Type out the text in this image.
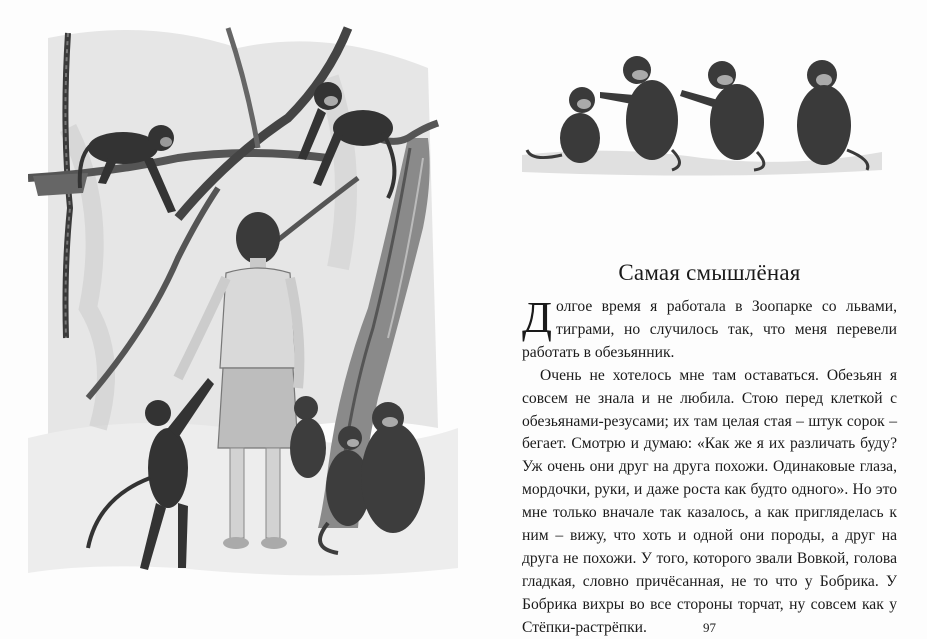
Самая смышлёная

Долгое время я работала в Зоопарке со львами, тиграми, но случилось так, что меня перевели работать в обезьянник.

Очень не хотелось мне там оставаться. Обезьян я совсем не знала и не любила. Стою перед клеткой с обезьянами-резусами; их там целая стая – штук сорок – бегает. Смотрю и думаю: «Как же я их различать буду? Уж очень они друг на друга похожи. Одинаковые глаза, мордочки, руки, и даже роста как будто одного». Но это мне только вначале так казалось, а как пригляделась к ним – вижу, что хоть и одной они породы, а друг на друга не похожи. У того, которого звали Вовкой, голова гладкая, словно причёсанная, не то что у Бобрика. У Бобрика вихры во все стороны торчат, ну совсем как у Стёпки-растрёпки.	97
